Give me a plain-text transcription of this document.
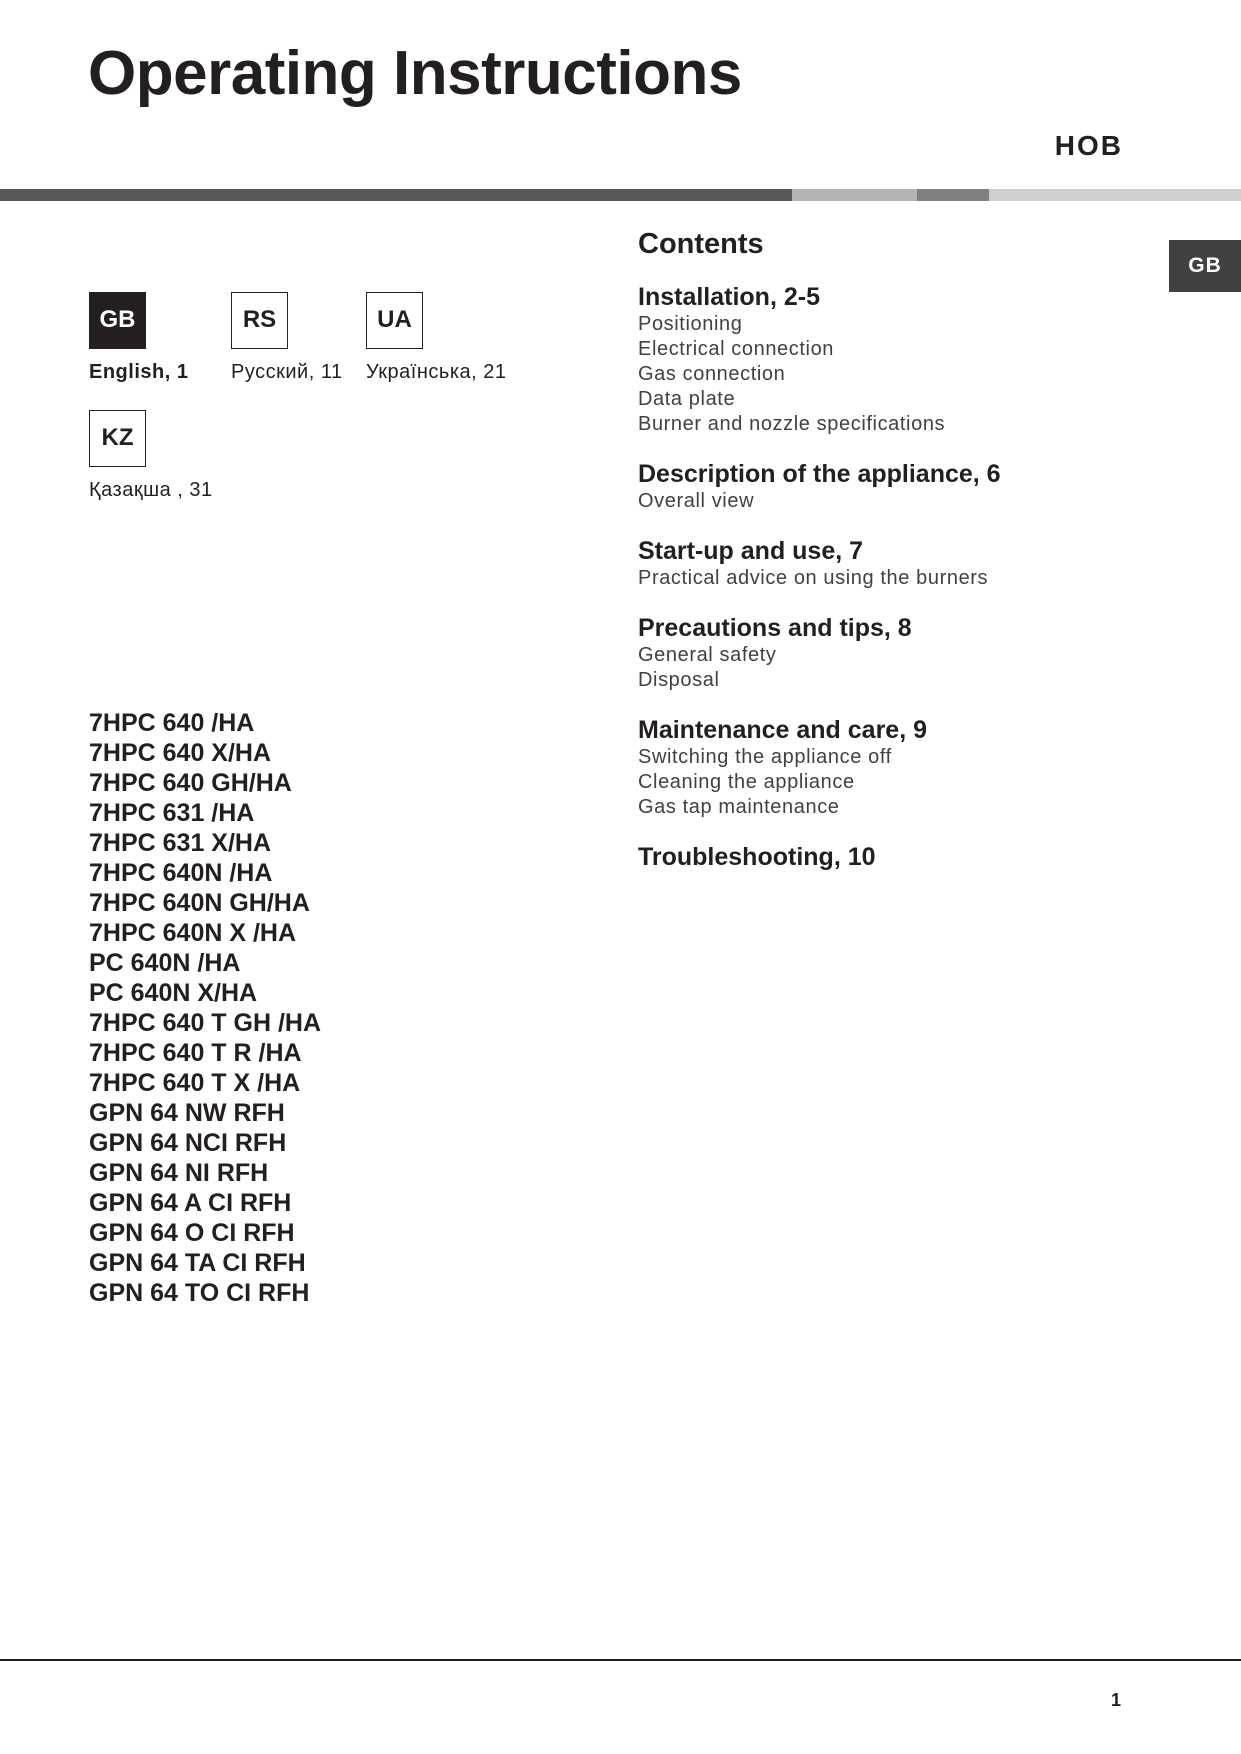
Operating Instructions
HOB
GB
GB
English, 1
RS
Русский, 11
UA
Українська, 21
KZ
Қазақша , 31
7HPC 640 /HA
7HPC 640 X/HA
7HPC 640 GH/HA
7HPC 631 /HA
7HPC 631 X/HA
7HPC 640N /HA
7HPC 640N GH/HA
7HPC 640N X /HA
PC 640N /HA
PC 640N X/HA
7HPC 640 T GH /HA
7HPC 640 T R /HA
7HPC 640 T X /HA
GPN 64 NW RFH
GPN 64 NCI RFH
GPN 64 NI RFH
GPN 64 A CI RFH
GPN 64 O CI RFH
GPN 64 TA CI RFH
GPN 64 TO CI RFH
Contents
Installation, 2-5
Positioning
Electrical connection
Gas connection
Data plate
Burner and nozzle specifications
Description of the appliance, 6
Overall view
Start-up and use, 7
Practical advice on using the burners
Precautions and tips, 8
General safety
Disposal
Maintenance and care, 9
Switching the appliance off
Cleaning the appliance
Gas tap maintenance
Troubleshooting, 10
1
